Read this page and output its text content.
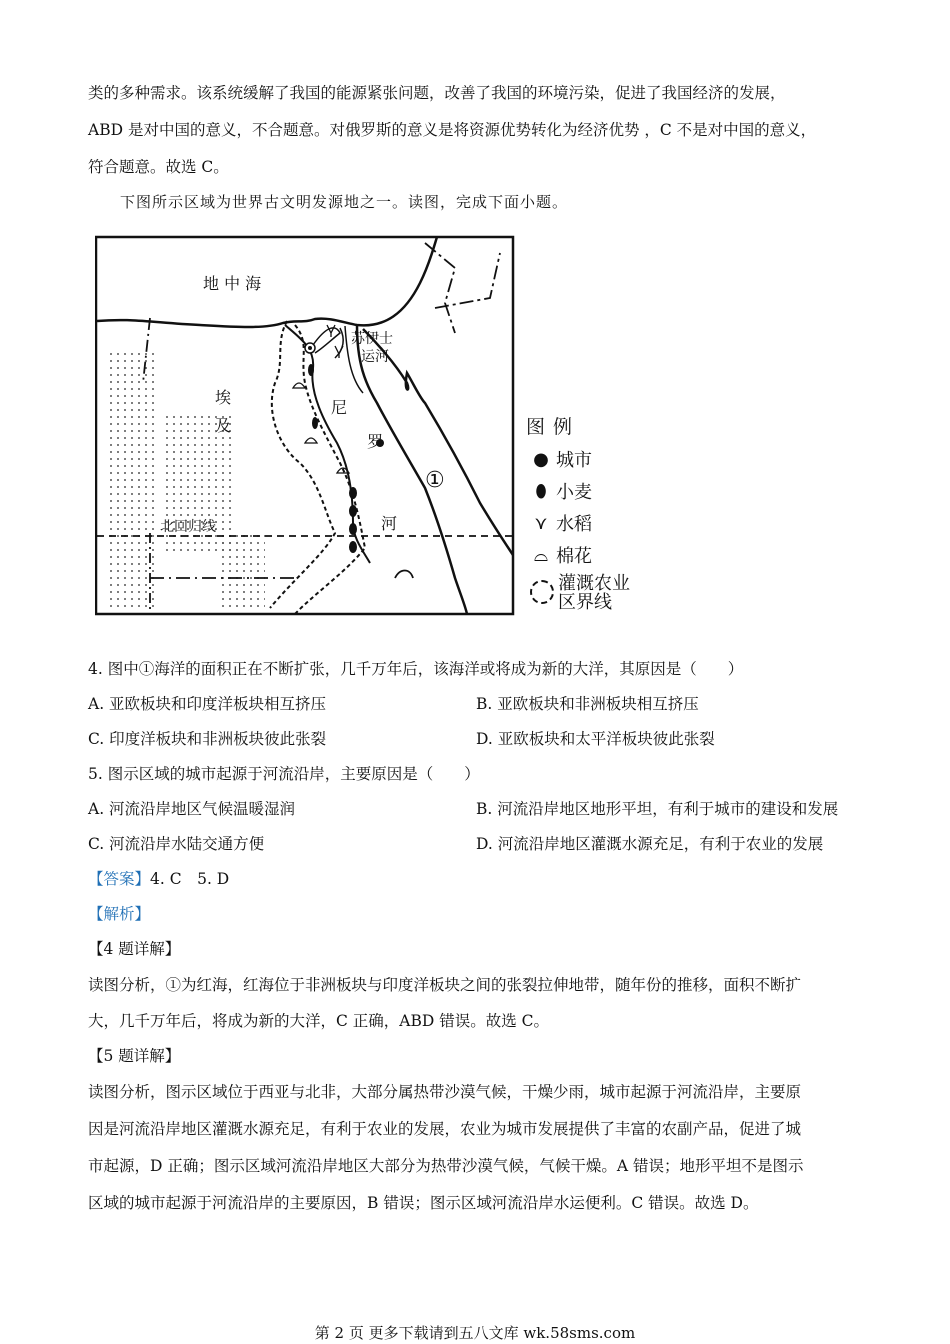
类的多种需求。该系统缓解了我国的能源紧张问题，改善了我国的环境污染，促进了我国经济的发展，
ABD 是对中国的意义，不合题意。对俄罗斯的意义是将资源优势转化为经济优势 ，C 不是对中国的意义，
符合题意。故选 C。
下图所示区域为世界古文明发源地之一。读图，完成下面小题。
地 中 海
埃
及
苏伊士
运河
尼
罗
河
①
北回归线
图例
● 城市
⬮ 小麦
⋎ 水稻
⌓ 棉花
灌溉农业
区界线
4. 图中①海洋的面积正在不断扩张，几千万年后，该海洋或将成为新的大洋，其原因是（　　）
A. 亚欧板块和印度洋板块相互挤压	B. 亚欧板块和非洲板块相互挤压
C. 印度洋板块和非洲板块彼此张裂	D. 亚欧板块和太平洋板块彼此张裂
5. 图示区域的城市起源于河流沿岸，主要原因是（　　）
A. 河流沿岸地区气候温暖湿润	B. 河流沿岸地区地形平坦，有利于城市的建设和发展
C. 河流沿岸水陆交通方便	D. 河流沿岸地区灌溉水源充足，有利于农业的发展
【答案】4. C　5. D
【解析】
【4 题详解】
读图分析，①为红海，红海位于非洲板块与印度洋板块之间的张裂拉伸地带，随年份的推移，面积不断扩
大，几千万年后，将成为新的大洋，C 正确，ABD 错误。故选 C。
【5 题详解】
读图分析，图示区域位于西亚与北非，大部分属热带沙漠气候，干燥少雨，城市起源于河流沿岸，主要原
因是河流沿岸地区灌溉水源充足，有利于农业的发展，农业为城市发展提供了丰富的农副产品，促进了城
市起源，D 正确；图示区域河流沿岸地区大部分为热带沙漠气候，气候干燥。A 错误；地形平坦不是图示
区域的城市起源于河流沿岸的主要原因，B 错误；图示区域河流沿岸水运便利。C 错误。故选 D。
第 2 页 更多下载请到五八文库 wk.58sms.com
